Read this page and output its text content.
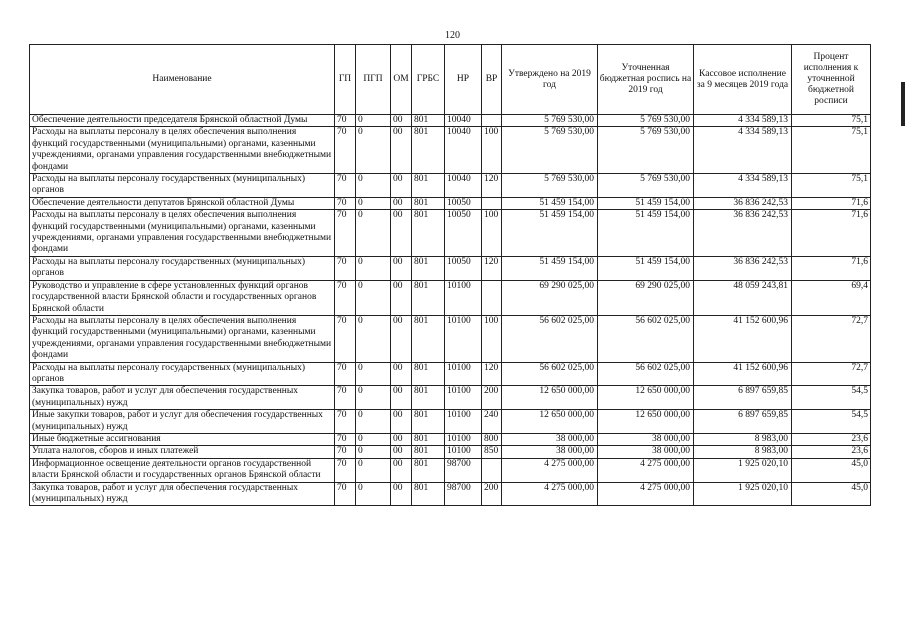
120
Наименование	ГП	ПГП	ОМ	ГРБС	НР	ВР	Утверждено на 2019 год	Уточненная бюджетная роспись на 2019 год	Кассовое исполнение за 9 месяцев 2019 года	Процент исполнения к уточненной бюджетной росписи
Обеспечение деятельности председателя Брянской областной Думы	70	0	00	801	10040		5 769 530,00	5 769 530,00	4 334 589,13	75,1
Расходы на выплаты персоналу в целях обеспечения выполнения функций государственными (муниципальными) органами, казенными учреждениями, органами управления государственными внебюджетными фондами	70	0	00	801	10040	100	5 769 530,00	5 769 530,00	4 334 589,13	75,1
Расходы на выплаты персоналу государственных (муниципальных) органов	70	0	00	801	10040	120	5 769 530,00	5 769 530,00	4 334 589,13	75,1
Обеспечение деятельности депутатов Брянской областной Думы	70	0	00	801	10050		51 459 154,00	51 459 154,00	36 836 242,53	71,6
Расходы на выплаты персоналу в целях обеспечения выполнения функций государственными (муниципальными) органами, казенными учреждениями, органами управления государственными внебюджетными фондами	70	0	00	801	10050	100	51 459 154,00	51 459 154,00	36 836 242,53	71,6
Расходы на выплаты персоналу государственных (муниципальных) органов	70	0	00	801	10050	120	51 459 154,00	51 459 154,00	36 836 242,53	71,6
Руководство и управление в сфере установленных функций органов государственной власти Брянской области и государственных органов Брянской области	70	0	00	801	10100		69 290 025,00	69 290 025,00	48 059 243,81	69,4
Расходы на выплаты персоналу в целях обеспечения выполнения функций государственными (муниципальными) органами, казенными учреждениями, органами управления государственными внебюджетными фондами	70	0	00	801	10100	100	56 602 025,00	56 602 025,00	41 152 600,96	72,7
Расходы на выплаты персоналу государственных (муниципальных) органов	70	0	00	801	10100	120	56 602 025,00	56 602 025,00	41 152 600,96	72,7
Закупка товаров, работ и услуг для обеспечения государственных (муниципальных) нужд	70	0	00	801	10100	200	12 650 000,00	12 650 000,00	6 897 659,85	54,5
Иные закупки товаров, работ и услуг для обеспечения государственных (муниципальных) нужд	70	0	00	801	10100	240	12 650 000,00	12 650 000,00	6 897 659,85	54,5
Иные бюджетные ассигнования	70	0	00	801	10100	800	38 000,00	38 000,00	8 983,00	23,6
Уплата налогов, сборов и иных платежей	70	0	00	801	10100	850	38 000,00	38 000,00	8 983,00	23,6
Информационное освещение деятельности органов государственной власти Брянской области и государственных органов Брянской области	70	0	00	801	98700		4 275 000,00	4 275 000,00	1 925 020,10	45,0
Закупка товаров, работ и услуг для обеспечения государственных (муниципальных) нужд	70	0	00	801	98700	200	4 275 000,00	4 275 000,00	1 925 020,10	45,0
